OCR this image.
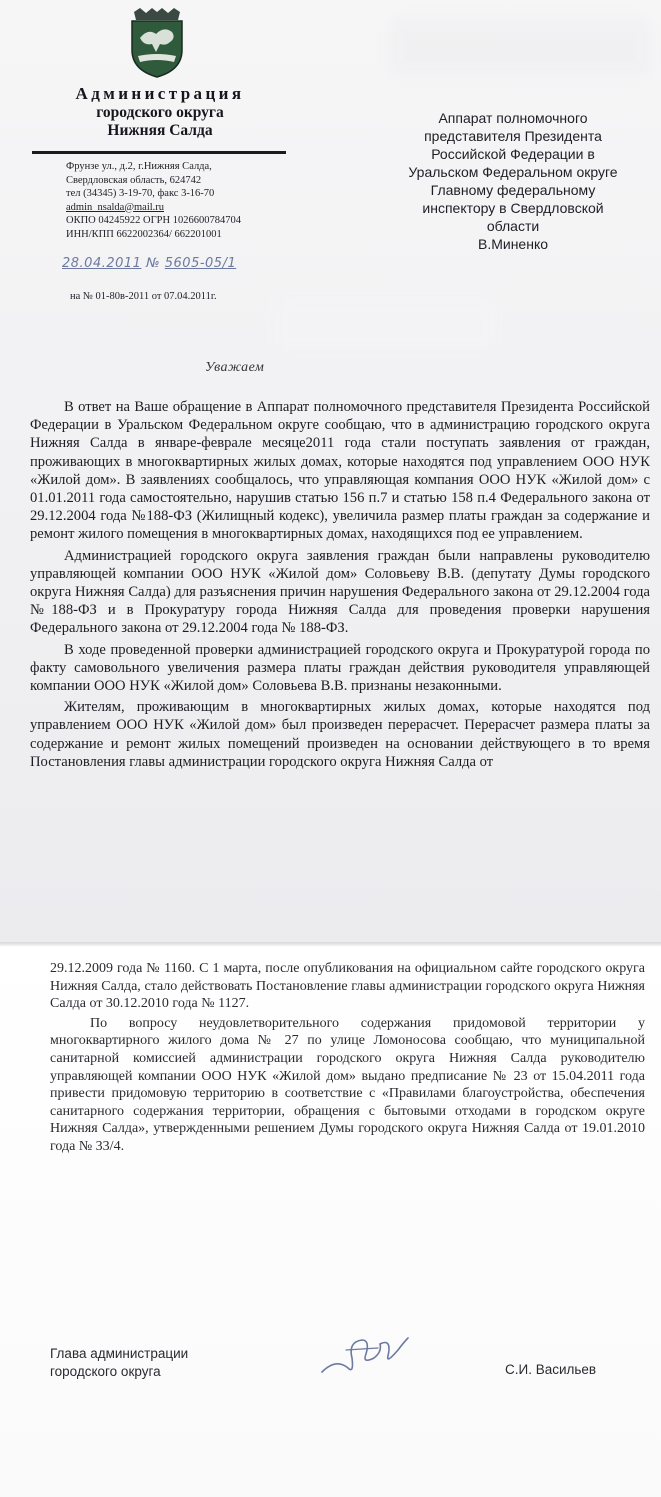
Администрация
городского округа
Нижняя Салда
Фрунзе ул., д.2, г.Нижняя Салда,
Свердловская область, 624742
тел (34345) 3-19-70, факс 3-16-70
admin_nsalda@mail.ru
ОКПО 04245922 ОГРН 1026600784704
ИНН/КПП 6622002364/ 662201001
28.04.2011 № 5605-05/1
на № 01-80в-2011 от 07.04.2011г.
Аппарат полномочного
представителя Президента
Российской Федерации в
Уральском Федеральном округе
Главному федеральному
инспектору в Свердловской
области
В.Миненко
Уважаем

В ответ на Ваше обращение в Аппарат полномочного представителя Президента Российской Федерации в Уральском Федеральном округе сообщаю, что в администрацию городского округа Нижняя Салда в январе-феврале месяце2011 года стали поступать заявления от граждан, проживающих в многоквартирных жилых домах, которые находятся под управлением ООО НУК «Жилой дом». В заявлениях сообщалось, что управляющая компания ООО НУК «Жилой дом» с 01.01.2011 года самостоятельно, нарушив статью 156 п.7 и статью 158 п.4 Федерального закона от 29.12.2004 года №188-ФЗ (Жилищный кодекс), увеличила размер платы граждан за содержание и ремонт жилого помещения в многоквартирных домах, находящихся под ее управлением.

Администрацией городского округа заявления граждан были направлены руководителю управляющей компании ООО НУК «Жилой дом» Соловьеву В.В. (депутату Думы городского округа Нижняя Салда) для разъяснения причин нарушения Федерального закона от 29.12.2004 года №188-ФЗ и в Прокуратуру города Нижняя Салда для проведения проверки нарушения Федерального закона от 29.12.2004 года № 188-ФЗ.

В ходе проведенной проверки администрацией городского округа и Прокуратурой города по факту самовольного увеличения размера платы граждан действия руководителя управляющей компании ООО НУК «Жилой дом» Соловьева В.В. признаны незаконными.

Жителям, проживающим в многоквартирных жилых домах, которые находятся под управлением ООО НУК «Жилой дом» был произведен перерасчет. Перерасчет размера платы за содержание и ремонт жилых помещений произведен на основании действующего в то время Постановления главы администрации городского округа Нижняя Салда от

29.12.2009 года № 1160. С 1 марта, после опубликования на официальном сайте городского округа Нижняя Салда, стало действовать Постановление главы администрации городского округа Нижняя Салда от 30.12.2010 года № 1127.

По вопросу неудовлетворительного содержания придомовой территории у многоквартирного жилого дома № 27 по улице Ломоносова сообщаю, что муниципальной санитарной комиссией администрации городского округа Нижняя Салда руководителю управляющей компании ООО НУК «Жилой дом» выдано предписание № 23 от 15.04.2011 года привести придомовую территорию в соответствие с «Правилами благоустройства, обеспечения санитарного содержания территории, обращения с бытовыми отходами в городском округе Нижняя Салда», утвержденными решением Думы городского округа Нижняя Салда от 19.01.2010 года № 33/4.

Глава администрации
городского округа	С.И. Васильев
